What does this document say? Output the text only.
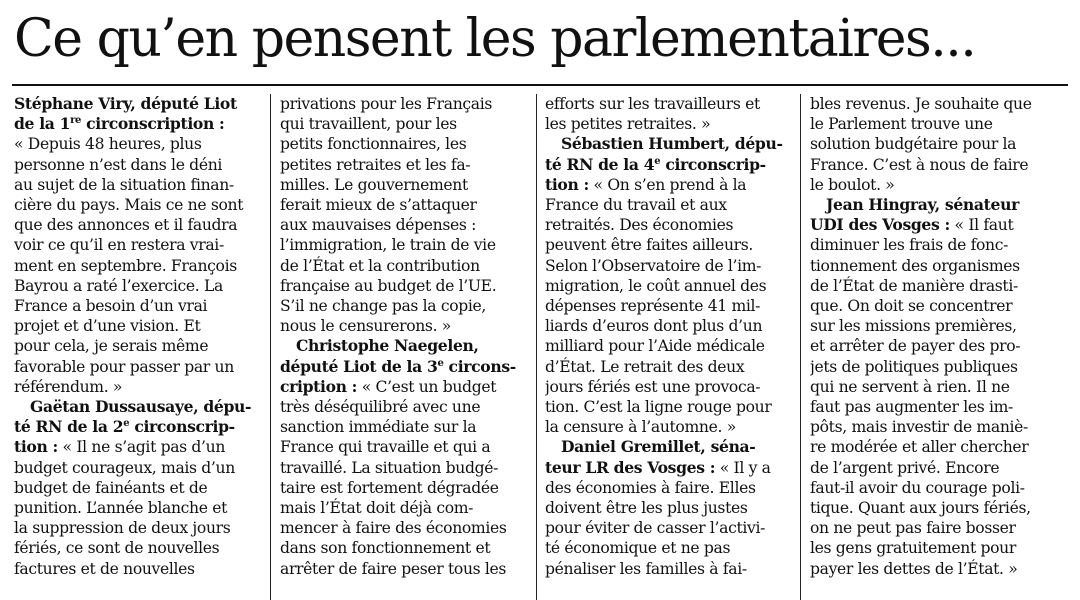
Ce qu’en pensent les parlementaires...
Stéphane Viry, député Liot
de la 1re circonscription :
« Depuis 48 heures, plus
personne n’est dans le déni
au sujet de la situation finan-
cière du pays. Mais ce ne sont
que des annonces et il faudra
voir ce qu’il en restera vrai-
ment en septembre. François
Bayrou a raté l’exercice. La
France a besoin d’un vrai
projet et d’une vision. Et
pour cela, je serais même
favorable pour passer par un
référendum. »
Gaëtan Dussausaye, dépu-
té RN de la 2e circonscrip-
tion : « Il ne s’agit pas d’un
budget courageux, mais d’un
budget de fainéants et de
punition. L’année blanche et
la suppression de deux jours
fériés, ce sont de nouvelles
factures et de nouvelles
privations pour les Français
qui travaillent, pour les
petits fonctionnaires, les
petites retraites et les fa-
milles. Le gouvernement
ferait mieux de s’attaquer
aux mauvaises dépenses :
l’immigration, le train de vie
de l’État et la contribution
française au budget de l’UE.
S’il ne change pas la copie,
nous le censurerons. »
Christophe Naegelen,
député Liot de la 3e circons-
cription : « C’est un budget
très déséquilibré avec une
sanction immédiate sur la
France qui travaille et qui a
travaillé. La situation budgé-
taire est fortement dégradée
mais l’État doit déjà com-
mencer à faire des économies
dans son fonctionnement et
arrêter de faire peser tous les
efforts sur les travailleurs et
les petites retraites. »
Sébastien Humbert, dépu-
té RN de la 4e circonscrip-
tion : « On s’en prend à la
France du travail et aux
retraités. Des économies
peuvent être faites ailleurs.
Selon l’Observatoire de l’im-
migration, le coût annuel des
dépenses représente 41 mil-
liards d’euros dont plus d’un
milliard pour l’Aide médicale
d’État. Le retrait des deux
jours fériés est une provoca-
tion. C’est la ligne rouge pour
la censure à l’automne. »
Daniel Gremillet, séna-
teur LR des Vosges : « Il y a
des économies à faire. Elles
doivent être les plus justes
pour éviter de casser l’activi-
té économique et ne pas
pénaliser les familles à fai-
bles revenus. Je souhaite que
le Parlement trouve une
solution budgétaire pour la
France. C’est à nous de faire
le boulot. »
Jean Hingray, sénateur
UDI des Vosges : « Il faut
diminuer les frais de fonc-
tionnement des organismes
de l’État de manière drasti-
que. On doit se concentrer
sur les missions premières,
et arrêter de payer des pro-
jets de politiques publiques
qui ne servent à rien. Il ne
faut pas augmenter les im-
pôts, mais investir de maniè-
re modérée et aller chercher
de l’argent privé. Encore
faut-il avoir du courage poli-
tique. Quant aux jours fériés,
on ne peut pas faire bosser
les gens gratuitement pour
payer les dettes de l’État. »
